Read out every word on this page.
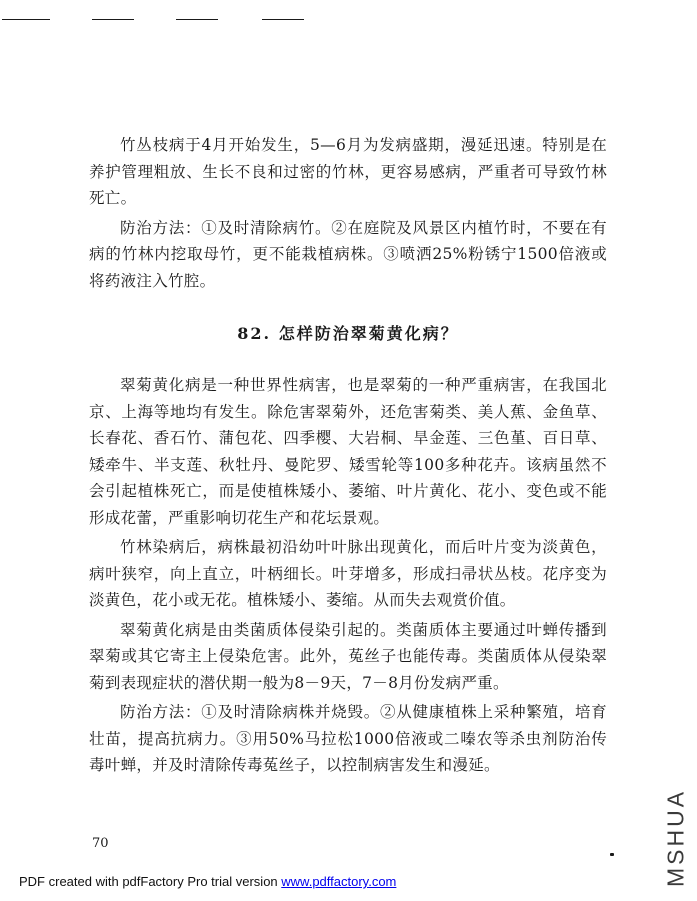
竹丛枝病于4月开始发生，5—6月为发病盛期，漫延迅速。特别是在养护管理粗放、生长不良和过密的竹林，更容易感病，严重者可导致竹林死亡。

防治方法：①及时清除病竹。②在庭院及风景区内植竹时，不要在有病的竹林内挖取母竹，更不能栽植病株。③喷洒25%粉锈宁1500倍液或将药液注入竹腔。

82. 怎样防治翠菊黄化病？

翠菊黄化病是一种世界性病害，也是翠菊的一种严重病害，在我国北京、上海等地均有发生。除危害翠菊外，还危害菊类、美人蕉、金鱼草、长春花、香石竹、蒲包花、四季樱、大岩桐、旱金莲、三色堇、百日草、矮牵牛、半支莲、秋牡丹、曼陀罗、矮雪轮等100多种花卉。该病虽然不会引起植株死亡，而是使植株矮小、萎缩、叶片黄化、花小、变色或不能形成花蕾，严重影响切花生产和花坛景观。

竹林染病后，病株最初沿幼叶叶脉出现黄化，而后叶片变为淡黄色，病叶狭窄，向上直立，叶柄细长。叶芽增多，形成扫帚状丛枝。花序变为淡黄色，花小或无花。植株矮小、萎缩。从而失去观赏价值。

翠菊黄化病是由类菌质体侵染引起的。类菌质体主要通过叶蝉传播到翠菊或其它寄主上侵染危害。此外，菟丝子也能传毒。类菌质体从侵染翠菊到表现症状的潜伏期一般为8－9天，7－8月份发病严重。

防治方法：①及时清除病株并烧毁。②从健康植株上采种繁殖，培育壮苗，提高抗病力。③用50%马拉松1000倍液或二嗪农等杀虫剂防治传毒叶蝉，并及时清除传毒菟丝子，以控制病害发生和漫延。

70
PDF created with pdfFactory Pro trial version www.pdffactory.com	MSHUA
